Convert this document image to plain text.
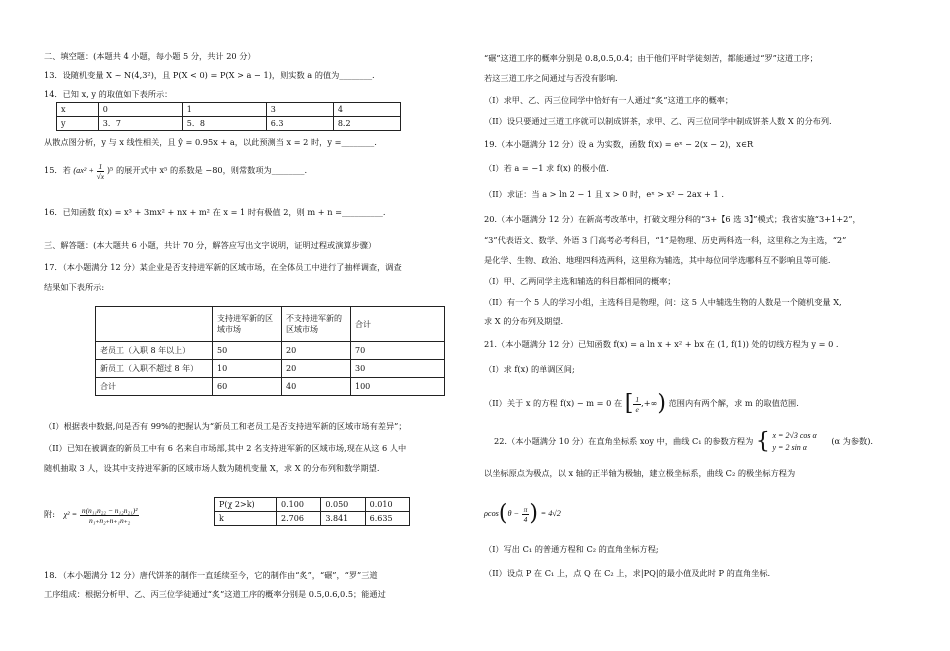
二、填空题：(本题共 4 小题，每小题 5 分，共计 20 分）
13．设随机变量 X ~ N(4,3²)，且 P(X < 0) = P(X > a − 1)，则实数 a 的值为________.
14．已知 x, y 的取值如下表所示：
x	0	1	3	4
y	3．7	5．8	6.3	8.2
从散点图分析，y 与 x 线性相关，且 ŷ = 0.95x + a，以此预测当 x = 2 时，y =________.
15．若 $(ax^2 + \frac{1}{√x} )^5$ 的展开式中 x⁵ 的系数是 −80，则常数项为________.
16．已知函数 f(x) = x³ + 3mx² + nx + m² 在 x = 1 时有极值 2，则 m + n =__________.
三、解答题：(本大题共 6 小题，共计 70 分，解答应写出文字说明，证明过程或演算步骤）
17．（本小题满分 12 分）某企业是否支持进军新的区域市场，在全体员工中进行了抽样调查，调查
结果如下表所示:
	支持进军新的区域市场	不支持进军新的区域市场	合计
老员工（入职 8 年以上）	50	20	70
新员工（入职不超过 8 年）	10	20	30
合计	60	40	100
（I）根据表中数据,问是否有 99%的把握认为“新员工和老员工是否支持进军新的区域市场有差异”；
（II）已知在被调查的新员工中有 6 名来自市场部,其中 2 名支持进军新的区域市场,现在从这 6 人中
随机抽取 3 人，设其中支持进军新的区域市场人数为随机变量 X，求 X 的分布列和数学期望.
附: $\chi^2 = \frac{\text{n(n₁₁n₂₂ − n₁₂n₂₁)²}}{\text{n₁₊n₂₊n₊₁n₊₂}}$
P(χ 2>k)	0.100	0.050	0.010
k	2.706	3.841	6.635
18．（本小题满分 12 分）唐代饼茶的制作一直延续至今，它的制作由“炙”，“碾”，“罗”三道
工序组成：根据分析甲、乙、丙三位学徒通过“炙”这道工序的概率分别是 0.5,0.6,0.5；能通过
“碾”这道工序的概率分别是 0.8,0.5,0.4；由于他们平时学徒刻苦，都能通过“罗”这道工序；
若这三道工序之间通过与否没有影响.
（I）求甲、乙、丙三位同学中恰好有一人通过“炙”这道工序的概率；
（II）设只要通过三道工序就可以制成饼茶，求甲、乙、丙三位同学中制成饼茶人数 X 的分布列.
19.（本小题满分 12 分）设 a 为实数，函数 f(x) = eˣ − 2(x − 2)，x∈R
（I）若 a = −1 求 f(x) 的极小值.
（II）求证：当 a > ln 2 − 1 且 x > 0 时，eˣ > x² − 2ax + 1 .
20.（本小题满分 12 分）在新高考改革中，打破文理分科的“3+【6 选 3】”模式；我省实施“3+1+2”，
“3”代表语文、数学、外语 3 门高考必考科目，“1”是物理、历史两科选一科，这里称之为主选，“2”
是化学、生物、政治、地理四科选两科，这里称为辅选，其中每位同学选哪科互不影响且等可能.
（I）甲、乙两同学主选和辅选的科目都相同的概率；
（II）有一个 5 人的学习小组，主选科目是物理，问：这 5 人中辅选生物的人数是一个随机变量 X,
求 X 的分布列及期望.
21.（本小题满分 12 分）已知函数 f(x) = a ln x + x² + bx 在 (1, f(1)) 处的切线方程为 y = 0 .
（I）求 f(x) 的单调区间;
（II）关于 x 的方程 f(x) − m = 0 在 [ $\frac{1}{e}$ ,+∞) 范围内有两个解，求 m 的取值范围.
22.（本小题满分 10 分）在直角坐标系 xoy 中，曲线 C₁ 的参数方程为 { x = 2√3 cos α
y = 2 sin α
(α 为参数).
以坐标原点为极点，以 x 轴的正半轴为极轴，建立极坐标系，曲线 C₂ 的极坐标方程为
$\rho\cos(\theta - \frac{\pi}{4}$ ) = 4√2
（I）写出 C₁ 的普通方程和 C₂ 的直角坐标方程;
（II）设点 P 在 C₁ 上，点 Q 在 C₂ 上，求|PQ|的最小值及此时 P 的直角坐标.
